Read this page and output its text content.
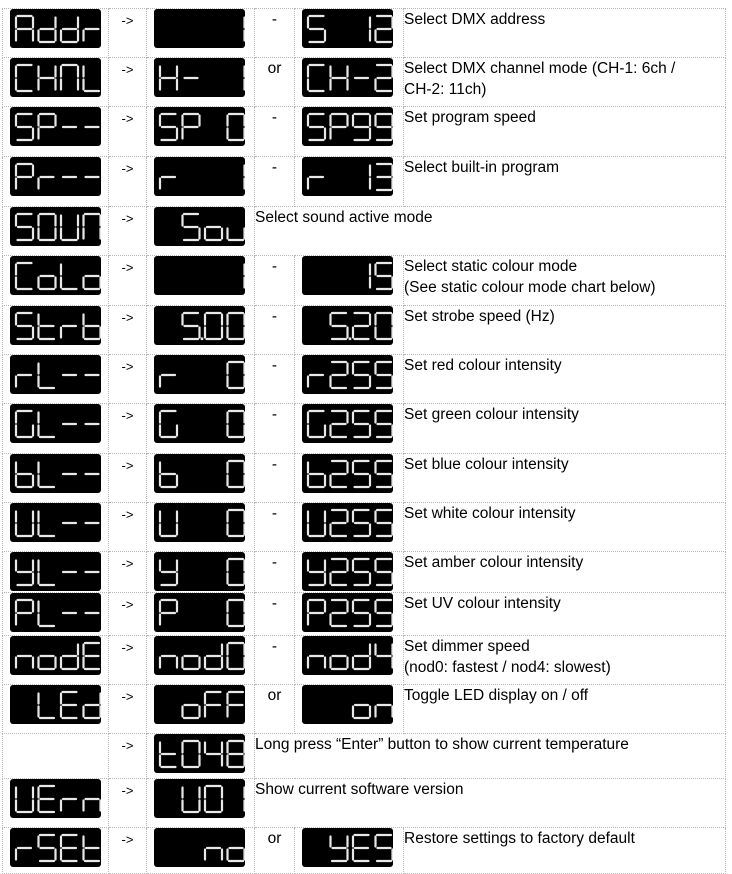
	->		-		Select DMX address

	->		or		Select DMX channel mode (CH-1: 6ch /
CH-2: 11ch)

	->		-		Set program speed

	->		-		Select built-in program

	->		Select sound active mode		

	->		-		Select static colour mode
(See static colour mode chart below)

	->		-		Set strobe speed (Hz)

	->		-		Set red colour intensity

	->		-		Set green colour intensity

	->		-		Set blue colour intensity

	->		-		Set white colour intensity

	->		-		Set amber colour intensity

	->		-		Set UV colour intensity

	->		-		Set dimmer speed
(nod0: fastest / nod4: slowest)

	->		or		Toggle LED display on / off

	->		Long press “Enter” button to show current temperature		

	->		Show current software version		

	->		or		Restore settings to factory default
